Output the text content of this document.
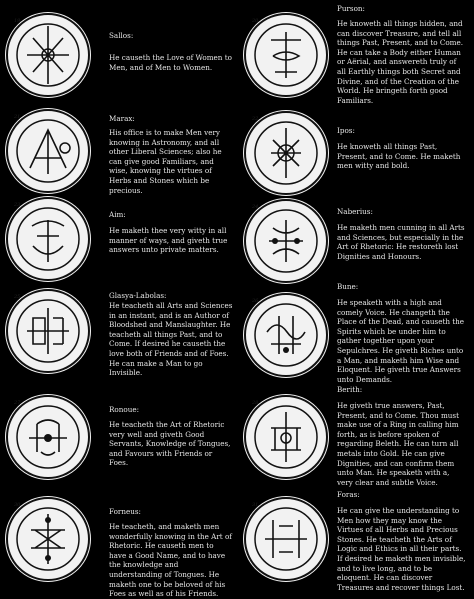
19
Sallos:
He causeth the Love of Women to Men, and of Men to Women.
21	Marax:
His office is to make Men very knowing in Astronomy, and all other Liberal Sciences; also he can give good Familiars, and wise, knowing the virtues of Herbs and Stones which be precious.
23
Aim:
He maketh thee very witty in all manner of ways, and giveth true answers unto private matters.
25	Glasya-Labolas:
He teacheth all Arts and Sciences in an instant, and is an Author of Bloodshed and Manslaughter. He teacheth all things Past, and to Come. If desired he causeth the love both of Friends and of Foes. He can make a Man to go Invisible.
27
Ronoue:
He teacheth the Art of Rhetoric very well and giveth Good Servants, Knowledge of Tongues, and Favours with Friends or Foes.
30
Forneus:
He teacheth, and maketh men wonderfully knowing in the Art of Rhetoric. He causeth men to have a Good Name, and to have the knowledge and understanding of Tongues. He maketh one to be beloved of his Foes as well as of his Friends.
20
Purson:
He knoweth all things hidden, and can discover Treasure, and tell all things Past, Present, and to Come. He can take a Body either Human or Aërial, and answereth truly of all Earthly things both Secret and Divine, and of the Creation of the World. He bringeth forth good Familiars.
22
Ipos:
He knoweth all things Past, Present, and to Come. He maketh men witty and bold.
24	Naberius:
He maketh men cunning in all Arts and Sciences, but especially in the Art of Rhetoric: He restoreth lost Dignities and Honours.
26
Bune:
He speaketh with a high and comely Voice. He changeth the Place of the Dead, and causeth the Spirits which be under him to gather together upon your Sepulchres. He giveth Riches unto a Man, and maketh him Wise and Eloquent. He giveth true Answers unto Demands.
28
Berith:
He giveth true answers, Past, Present, and to Come. Thou must make use of a Ring in calling him forth, as is before spoken of regarding Beleth. He can turn all metals into Gold. He can give Dignities, and can confirm them unto Man. He speaketh with a, very clear and subtle Voice.
31
Foras:
He can give the understanding to Men how they may know the Virtues of all Herbs and Precious Stones. He teacheth the Arts of Logic and Ethics in all their parts. If desired he maketh men invisible, and to live long, and to be eloquent. He can discover Treasures and recover things Lost.
